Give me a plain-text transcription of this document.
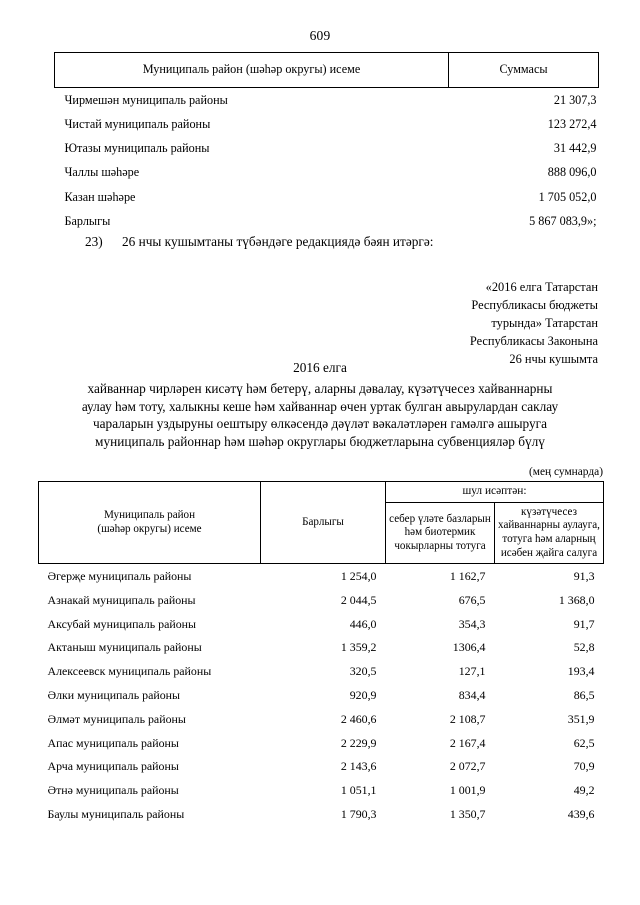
609
Муниципаль район (шәһәр округы) исеме	Суммасы
Чирмешән муниципаль районы	21 307,3
Чистай муниципаль районы	123 272,4
Ютазы муниципаль районы	31 442,9
Чаллы шәһәре	888 096,0
Казан шәһәре	1 705 052,0
Барлыгы	5 867 083,9»;
23) 26 нчы кушымтаны түбәндәге редакциядә бәян итәргә:
«2016 елга Татарстан
Республикасы бюджеты
турында» Татарстан
Республикасы Законына
26 нчы кушымта
2016 елга
хайваннар чирләрен кисәтү һәм бетерү, аларны дәвалау, күзәтүчесез хайваннарны
аулау һәм тоту, халыкны кеше һәм хайваннар өчен уртак булган авырулардан саклау
чараларын уздыруны оештыру өлкәсендә дәүләт вәкаләтләрен гамәлгә ашыруга
муниципаль районнар һәм шәһәр округлары бюджетларына субвенцияләр бүлү
(мең сумнарда)
Муниципаль район
(шәһәр округы) исеме	Барлыгы	шул исәптән:	
		себер үләте базларын һәм биотермик чокырларны тотуга	күзәтүчесез хайваннарны аулауга, тотуга һәм аларның исәбен җайга салуга
Әгерҗе муниципаль районы	1 254,0	1 162,7	91,3
Азнакай муниципаль районы	2 044,5	676,5	1 368,0
Аксубай муниципаль районы	446,0	354,3	91,7
Актаныш муниципаль районы	1 359,2	1306,4	52,8
Алексеевск муниципаль районы	320,5	127,1	193,4
Әлки муниципаль районы	920,9	834,4	86,5
Әлмәт муниципаль районы	2 460,6	2 108,7	351,9
Апас муниципаль районы	2 229,9	2 167,4	62,5
Арча муниципаль районы	2 143,6	2 072,7	70,9
Әтнә муниципаль районы	1 051,1	1 001,9	49,2
Баулы муниципаль районы	1 790,3	1 350,7	439,6
